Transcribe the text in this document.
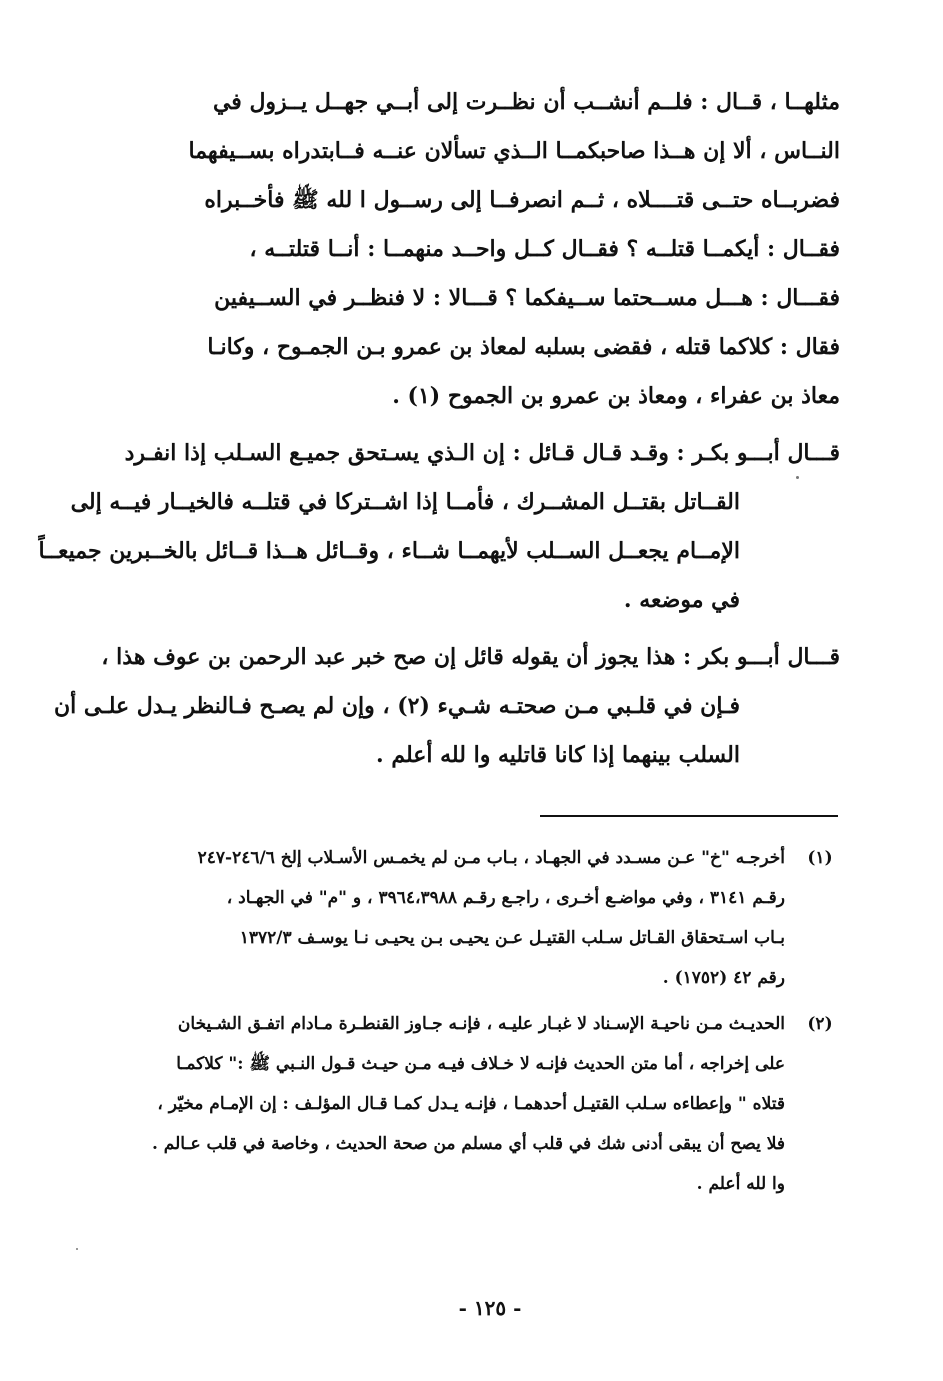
مثلهــا ، قــال : فلــم أنشــب أن نظــرت إلى أبــي جهــل يــزول في
النــاس ، ألا إن هــذا صاحبكمــا الــذي تسألان عنــه فــابتدراه بســيفهما
فضربــاه حتــى قتــــلاه ، ثــم انصرفــا إلى رســول ا لله ﷺ فأخــبراه
فقــال : أيكمــا قتلــه ؟ فقــال كــل واحــد منهمــا : أنــا قتلتــه ،
فقـــال : هـــل مســحتما ســيفكما ؟ قـــالا : لا فنظــر في الســيفين
فقال : كلاكما قتله ، فقضى بسلبه لمعاذ بن عمرو بـن الجمـوح ، وكانـا
معاذ بن عفراء ، ومعاذ بن عمرو بن الجموح (١) .
قـــال أبـــو بكـر : وقـد قـال قـائل : إن الـذي يسـتحق جميـع السـلب إذا انفـرد
القــاتل بقتــل المشــرك ، فأمــا إذا اشــتركا في قتلــه فالخيــار فيــه إلى
الإمــام يجعــل الســلب لأيهمــا شــاء ، وقــائل هــذا قــائل بالخــبرين جميعــاً
في موضعه .
قـــال أبـــو بكر : هذا يجوز أن يقوله قائل إن صح خبر عبد الرحمن بن عوف هذا ،
فـإن في قلـبي مـن صحتـه شـيء (٢) ، وإن لم يصـح فـالنظر يـدل علـى أن
السلب بينهما إذا كانا قاتليه وا لله أعلم .
(١)
أخرجـه "خ" عـن مسـدد في الجهـاد ، بـاب مـن لم يخمـس الأسـلاب إلخ ٢٤٦/٦-٢٤٧
رقـم ٣١٤١ ، وفي مواضـع أخـرى ، راجـع رقـم ٣٩٦٤،٣٩٨٨ ، و "م" في الجهـاد ،
بـاب اسـتحقاق القـاتل سـلب القتيـل عـن يحيـى بـن يحيـى نـا يوسـف ١٣٧٢/٣
رقم ٤٢ (١٧٥٢) .
(٢)
الحديـث مـن ناحيـة الإسـناد لا غبـار عليـه ، فإنـه جـاوز القنطـرة مـادام اتفـق الشـيخان
على إخراجه ، أما متن الحديث فإنـه لا خـلاف فيـه مـن حيـث قـول النـبي ﷺ :" كلاكمـا
قتلاه " وإعطاءه سـلب القتيـل أحدهمـا ، فإنـه يـدل كمـا قـال المؤلـف : إن الإمـام مخيّر ،
فلا يصح أن يبقى أدنى شك في قلب أي مسلم من صحة الحديث ، وخاصة في قلب عـالم .
وا لله أعلم .
- ١٢٥ -
